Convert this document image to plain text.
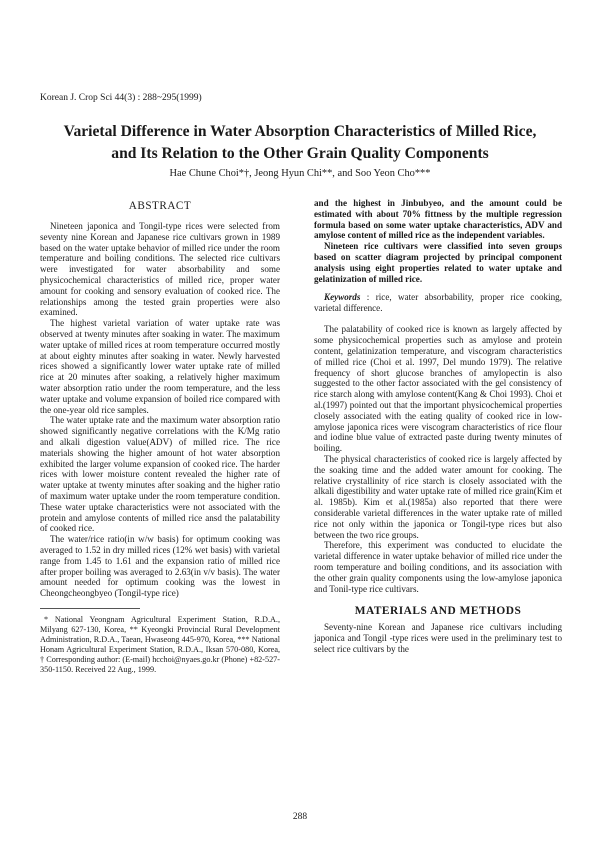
Korean J. Crop Sci 44(3) : 288~295(1999)
Varietal Difference in Water Absorption Characteristics of Milled Rice,
and Its Relation to the Other Grain Quality Components
Hae Chune Choi*†, Jeong Hyun Chi**, and Soo Yeon Cho***
ABSTRACT

Nineteen japonica and Tongil-type rices were selected from seventy nine Korean and Japanese rice cultivars grown in 1989 based on the water uptake behavior of milled rice under the room temperature and boiling conditions. The selected rice cultivars were investigated for water absorbability and some physicochemical characteristics of milled rice, proper water amount for cooking and sensory evaluation of cooked rice. The relationships among the tested grain properties were also examined.

The highest varietal variation of water uptake rate was observed at twenty minutes after soaking in water. The maximum water uptake of milled rices at room temperature occurred mostly at about eighty minutes after soaking in water. Newly harvested rices showed a significantly lower water uptake rate of milled rice at 20 minutes after soaking, a relatively higher maximum water absorption ratio under the room temperature, and the less water uptake and volume expansion of boiled rice compared with the one-year old rice samples.

The water uptake rate and the maximum water absorption ratio showed significantly negative correlations with the K/Mg ratio and alkali digestion value(ADV) of milled rice. The rice materials showing the higher amount of hot water absorption exhibited the larger volume expansion of cooked rice. The harder rices with lower moisture content revealed the higher rate of water uptake at twenty minutes after soaking and the higher ratio of maximum water uptake under the room temperature condition. These water uptake characteristics were not associated with the protein and amylose contents of milled rice ansd the palatability of cooked rice.

The water/rice ratio(in w/w basis) for optimum cooking was averaged to 1.52 in dry milled rices (12% wet basis) with varietal range from 1.45 to 1.61 and the expansion ratio of milled rice after proper boiling was averaged to 2.63(in v/v basis). The water amount needed for optimum cooking was the lowest in Cheongcheongbyeo (Tongil-type rice)

* National Yeongnam Agricultural Experiment Station, R.D.A., Milyang 627-130, Korea, ** Kyeongki Provincial Rural Development Administration, R.D.A., Taean, Hwaseong 445-970, Korea, *** National Honam Agricultural Experiment Station, R.D.A., Iksan 570-080, Korea, † Corresponding author: (E-mail) hcchoi@nyaes.go.kr (Phone) +82-527-350-1150. Received 22 Aug., 1999.

and the highest in Jinbubyeo, and the amount could be estimated with about 70% fittness by the multiple regression formula based on some water uptake characteristics, ADV and amylose content of milled rice as the independent variables.

Nineteen rice cultivars were classified into seven groups based on scatter diagram projected by principal component analysis using eight properties related to water uptake and gelatinization of milled rice.

Keywords : rice, water absorbability, proper rice cooking, varietal difference.

The palatability of cooked rice is known as largely affected by some physicochemical properties such as amylose and protein content, gelatinization temperature, and viscogram characteristics of milled rice (Choi et al. 1997, Del mundo 1979). The relative frequency of short glucose branches of amylopectin is also suggested to the other factor associated with the gel consistency of rice starch along with amylose content(Kang & Choi 1993). Choi et al.(1997) pointed out that the important physicochemical properties closely associated with the eating quality of cooked rice in low-amylose japonica rices were viscogram characteristics of rice flour and iodine blue value of extracted paste during twenty minutes of boiling.

The physical characteristics of cooked rice is largely affected by the soaking time and the added water amount for cooking. The relative crystallinity of rice starch is closely associated with the alkali digestibility and water uptake rate of milled rice grain(Kim et al. 1985b). Kim et al.(1985a) also reported that there were considerable varietal differences in the water uptake rate of milled rice not only within the japonica or Tongil-type rices but also between the two rice groups.

Therefore, this experiment was conducted to elucidate the varietal difference in water uptake behavior of milled rice under the room temperature and boiling conditions, and its association with the other grain quality components using the low-amylose japonica and Tonil-type rice cultivars.

MATERIALS AND METHODS

Seventy-nine Korean and Japanese rice cultivars including japonica and Tongil -type rices were used in the preliminary test to select rice cultivars by the

288
